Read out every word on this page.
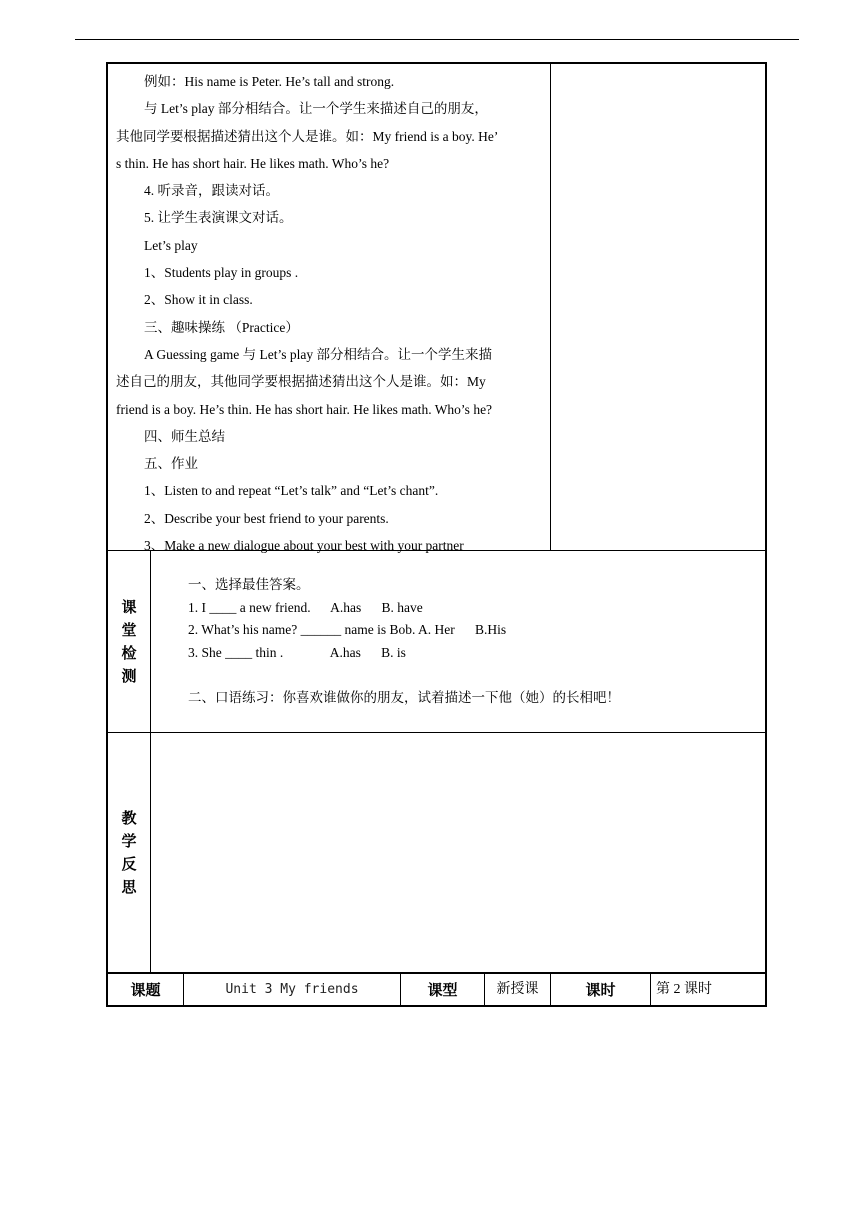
例如：His name is Peter. He’s tall and strong.

与 Let’s play 部分相结合。让一个学生来描述自己的朋友，

其他同学要根据描述猜出这个人是谁。如：My friend is a boy. He’

s thin. He has short hair. He likes math. Who’s he?

4. 听录音，跟读对话。

5. 让学生表演课文对话。

Let’s play

1、Students play in groups .

2、Show it in class.

三、趣味操练 （Practice）

A Guessing game 与 Let’s play 部分相结合。让一个学生来描

述自己的朋友，其他同学要根据描述猜出这个人是谁。如：My

friend is a boy. He’s thin. He has short hair. He likes math. Who’s he?

四、师生总结

五、作业

1、Listen to and repeat “Let’s talk” and “Let’s chant”.

2、Describe your best friend to your parents.

3、Make a new dialogue about your best with your partner

课
堂
检
测

一、选择最佳答案。

1. I ____ a new friend.      A.has      B. have

2. What’s his name? ______ name is Bob. A. Her      B.His

3. She ____ thin .              A.has      B. is

二、口语练习：你喜欢谁做你的朋友，试着描述一下他（她）的长相吧！

教
学
反
思
课题	Unit 3 My friends	课型	新授课	课时	第 2 课时
